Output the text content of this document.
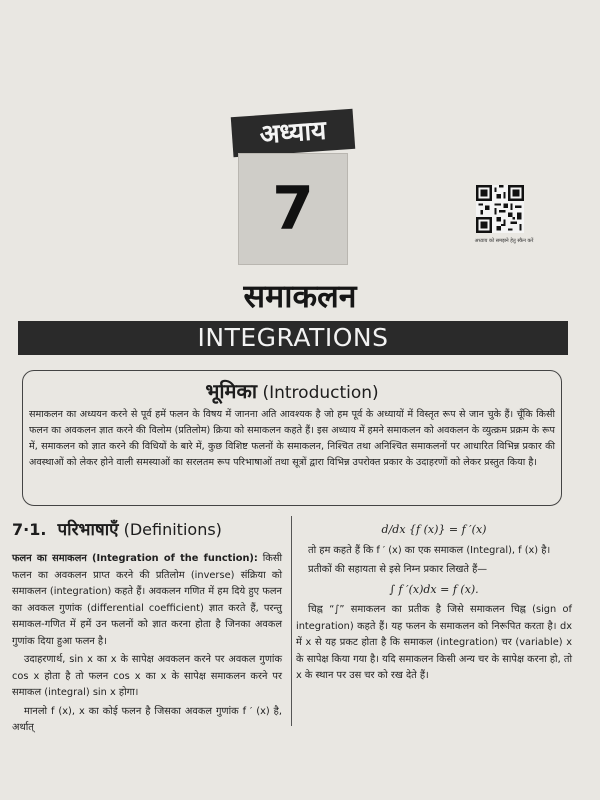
अध्याय
7	अध्याय को समझने हेतु स्कैन करें
समाकलन
INTEGRATIONS
भूमिका (Introduction)
समाकलन का अध्ययन करने से पूर्व हमें फलन के विषय में जानना अति आवश्यक है जो हम पूर्व के अध्यायों में विस्तृत रूप से जान चुके हैं। चूँकि किसी फलन का अवकलन ज्ञात करने की विलोम (प्रतिलोम) क्रिया को समाकलन कहते हैं। इस अध्याय में हमने समाकलन को अवकलन के व्युत्क्रम प्रक्रम के रूप में, समाकलन को ज्ञात करने की विधियों के बारे में, कुछ विशिष्ट फलनों के समाकलन, निश्चित तथा अनिश्चित समाकलनों पर आधारित विभिन्न प्रकार की अवस्थाओं को लेकर होने वाली समस्याओं का सरलतम रूप परिभाषाओं तथा सूत्रों द्वारा विभिन्न उपरोक्त प्रकार के उदाहरणों को लेकर प्रस्तुत किया है।
7·1. परिभाषाएँ (Definitions)

फलन का समाकलन (Integration of the function): किसी फलन का अवकलन प्राप्त करने की प्रतिलोम (inverse) संक्रिया को समाकलन (integration) कहते हैं। अवकलन गणित में हम दिये हुए फलन का अवकल गुणांक (differential coefficient) ज्ञात करते हैं, परन्तु समाकल-गणित में हमें उन फलनों को ज्ञात करना होता है जिनका अवकल गुणांक दिया हुआ फलन है।

उदाहरणार्थ, sin x का x के सापेक्ष अवकलन करने पर अवकल गुणांक cos x होता है तो फलन cos x का x के सापेक्ष समाकलन करने पर समाकल (integral) sin x होगा।

मानलो f (x), x का कोई फलन है जिसका अवकल गुणांक f ′ (x) है, अर्थात्

d/dx {f (x)} = f ′(x)

तो हम कहते हैं कि f ′ (x) का एक समाकल (Integral), f (x) है।

प्रतीकों की सहायता से इसे निम्न प्रकार लिखते हैं—

∫ f ′(x)dx = f (x).

चिह्न “∫” समाकलन का प्रतीक है जिसे समाकलन चिह्न (sign of integration) कहते हैं। यह फलन के समाकलन को निरूपित करता है। dx में x से यह प्रकट होता है कि समाकल (integration) चर (variable) x के सापेक्ष किया गया है। यदि समाकलन किसी अन्य चर के सापेक्ष करना हो, तो x के स्थान पर उस चर को रख देते हैं।
